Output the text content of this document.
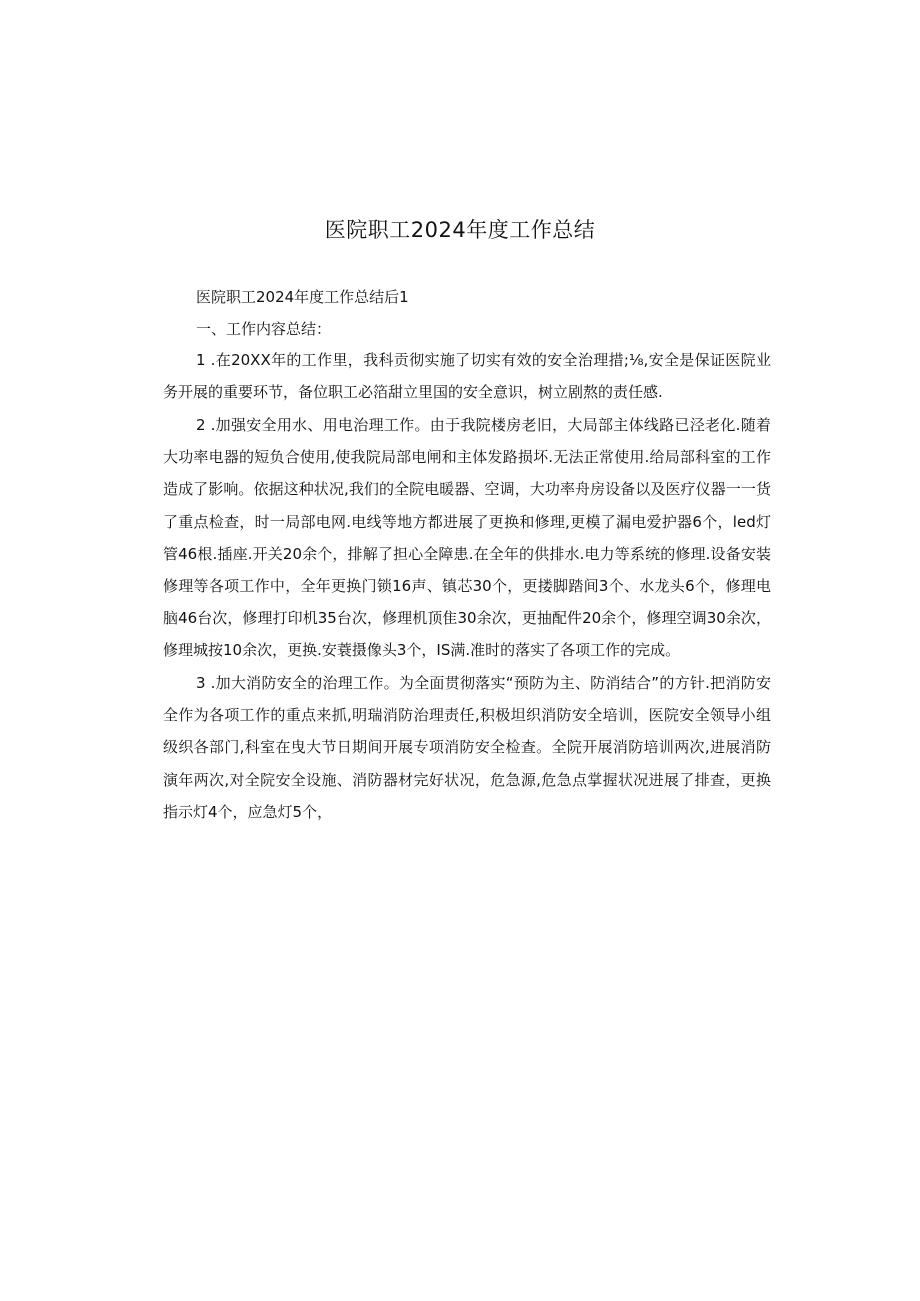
医院职工2024年度工作总结
医院职工2024年度工作总结后1
一、工作内容总结：
1 .在20XX年的工作里，我科贡彻实施了切实有效的安全治理措;⅛,安全是保证医院业务开展的重要环节，备位职工必箔甜立里国的安全意识，树立剧熬的责任感.
2 .加强安全用水、用电治理工作。由于我院楼房老旧，大局部主体线路已泾老化.随着大功率电器的短负合使用,使我院局部电闸和主体发路损坏.无法正常使用.给局部科室的工作造成了影响。依据这种状况,我们的全院电暖器、空调，大功率舟房设备以及医疗仪器一一货了重点检查，时一局部电网.电线等地方都进展了更换和修理,更模了漏电爱护器6个，led灯管46根.插座.开关20余个，排解了担心全障患.在全年的供排水.电力等系统的修理.设备安装修理等各项工作中，全年更换门锁16声、镇芯30个，更搂脚踏间3个、水龙头6个，修理电脑46台次，修理打印机35台次，修理机顶隹30余次，更抽配件20余个，修理空调30余次，修理城按10余次，更换.安蓑摄像头3个，IS满.准时的落实了各项工作的完成。
3 .加大消防安全的治理工作。为全面贯彻落实“预防为主、防消结合”的方针.把消防安全作为各项工作的重点来抓,明瑞消防治理责任,积极坦织消防安全培训，医院安全领导小组级织各部门,科室在曳大节日期间开展专项消防安全检查。全院开展消防培训两次,进展消防演年两次,对全院安全设施、消防器材完好状况，危急源,危急点掌握状况进展了排查，更换指示灯4个，应急灯5个，
